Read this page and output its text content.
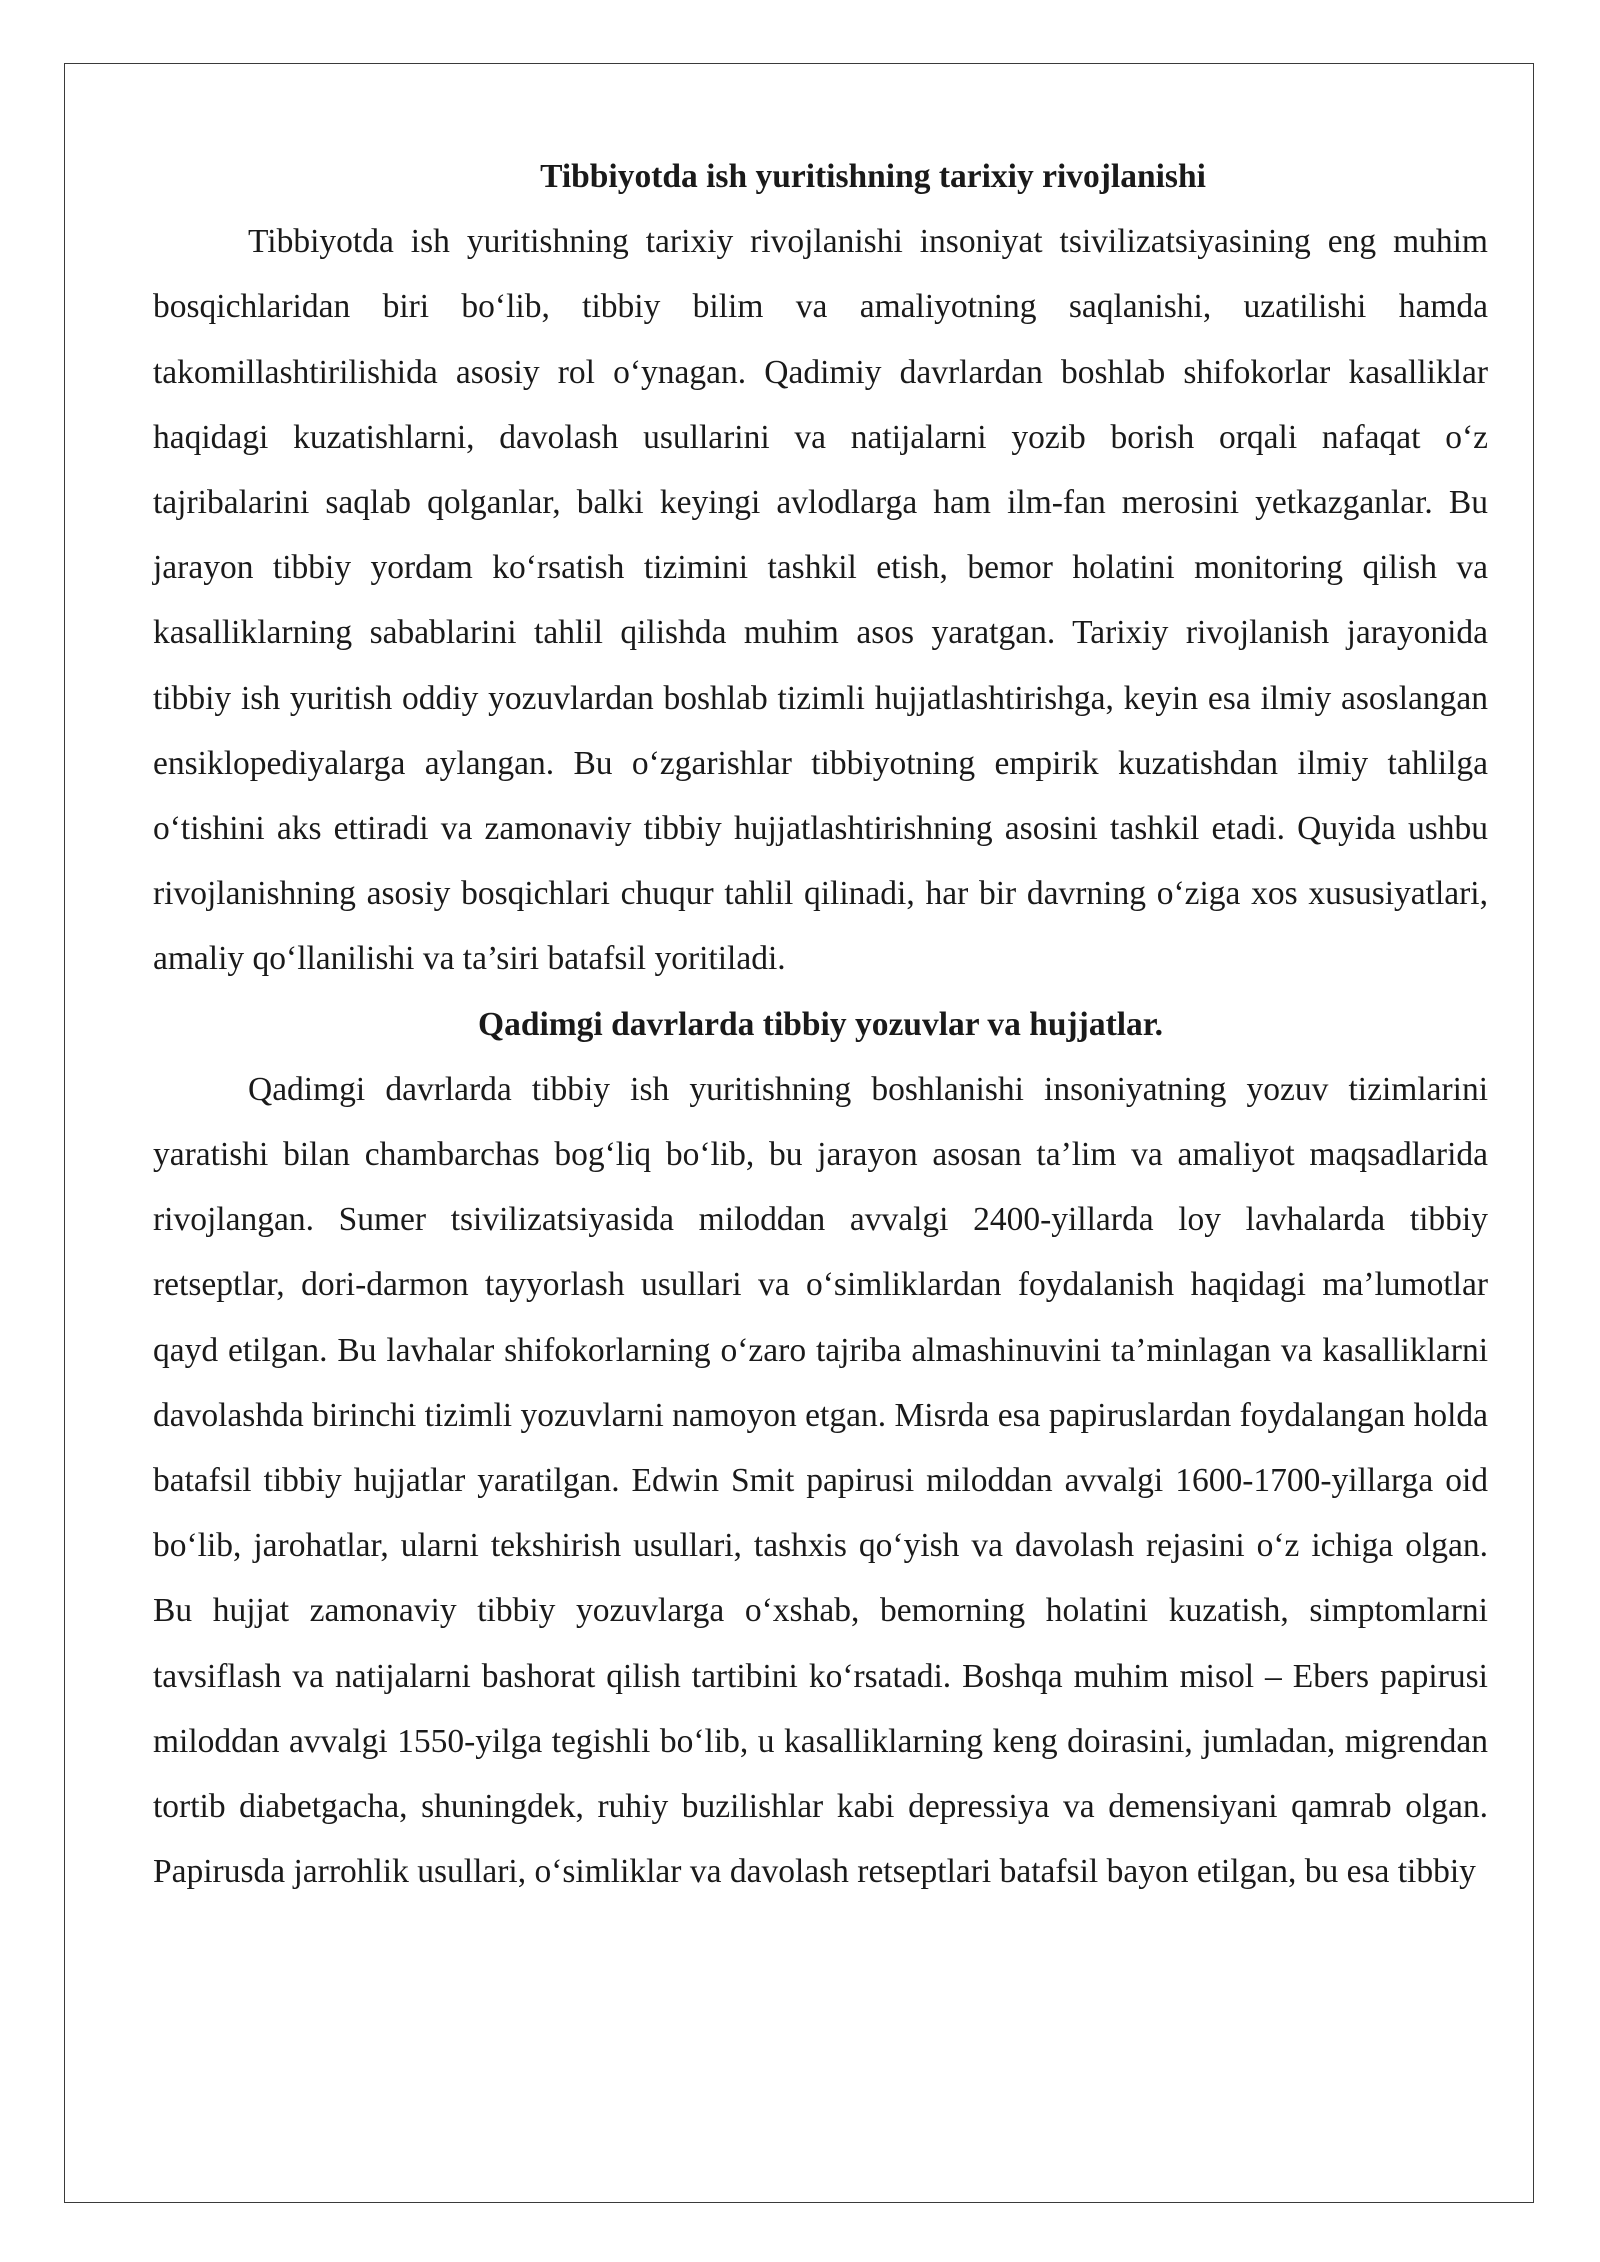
Tibbiyotda ish yuritishning tarixiy rivojlanishi

Tibbiyotda ish yuritishning tarixiy rivojlanishi insoniyat tsivilizatsiyasining eng muhim bosqichlaridan biri bo‘lib, tibbiy bilim va amaliyotning saqlanishi, uzatilishi hamda takomillashtirilishida asosiy rol o‘ynagan. Qadimiy davrlardan boshlab shifokorlar kasalliklar haqidagi kuzatishlarni, davolash usullarini va natijalarni yozib borish orqali nafaqat o‘z tajribalarini saqlab qolganlar, balki keyingi avlodlarga ham ilm-fan merosini yetkazganlar. Bu jarayon tibbiy yordam ko‘rsatish tizimini tashkil etish, bemor holatini monitoring qilish va kasalliklarning sabablarini tahlil qilishda muhim asos yaratgan. Tarixiy rivojlanish jarayonida tibbiy ish yuritish oddiy yozuvlardan boshlab tizimli hujjatlashtirishga, keyin esa ilmiy asoslangan ensiklopediyalarga aylangan. Bu o‘zgarishlar tibbiyotning empirik kuzatishdan ilmiy tahlilga o‘tishini aks ettiradi va zamonaviy tibbiy hujjatlashtirishning asosini tashkil etadi. Quyida ushbu rivojlanishning asosiy bosqichlari chuqur tahlil qilinadi, har bir davrning o‘ziga xos xususiyatlari, amaliy qo‘llanilishi va ta’siri batafsil yoritiladi.

Qadimgi davrlarda tibbiy yozuvlar va hujjatlar.

Qadimgi davrlarda tibbiy ish yuritishning boshlanishi insoniyatning yozuv tizimlarini yaratishi bilan chambarchas bog‘liq bo‘lib, bu jarayon asosan ta’lim va amaliyot maqsadlarida rivojlangan. Sumer tsivilizatsiyasida miloddan avvalgi 2400-yillarda loy lavhalarda tibbiy retseptlar, dori-darmon tayyorlash usullari va o‘simliklardan foydalanish haqidagi ma’lumotlar qayd etilgan. Bu lavhalar shifokorlarning o‘zaro tajriba almashinuvini ta’minlagan va kasalliklarni davolashda birinchi tizimli yozuvlarni namoyon etgan. Misrda esa papiruslardan foydalangan holda batafsil tibbiy hujjatlar yaratilgan. Edwin Smit papirusi miloddan avvalgi 1600-1700-yillarga oid bo‘lib, jarohatlar, ularni tekshirish usullari, tashxis qo‘yish va davolash rejasini o‘z ichiga olgan. Bu hujjat zamonaviy tibbiy yozuvlarga o‘xshab, bemorning holatini kuzatish, simptomlarni tavsiflash va natijalarni bashorat qilish tartibini ko‘rsatadi. Boshqa muhim misol – Ebers papirusi miloddan avvalgi 1550-yilga tegishli bo‘lib, u kasalliklarning keng doirasini, jumladan, migrendan tortib diabetgacha, shuningdek, ruhiy buzilishlar kabi depressiya va demensiyani qamrab olgan. Papirusda jarrohlik usullari, o‘simliklar va davolash retseptlari batafsil bayon etilgan, bu esa tibbiy
